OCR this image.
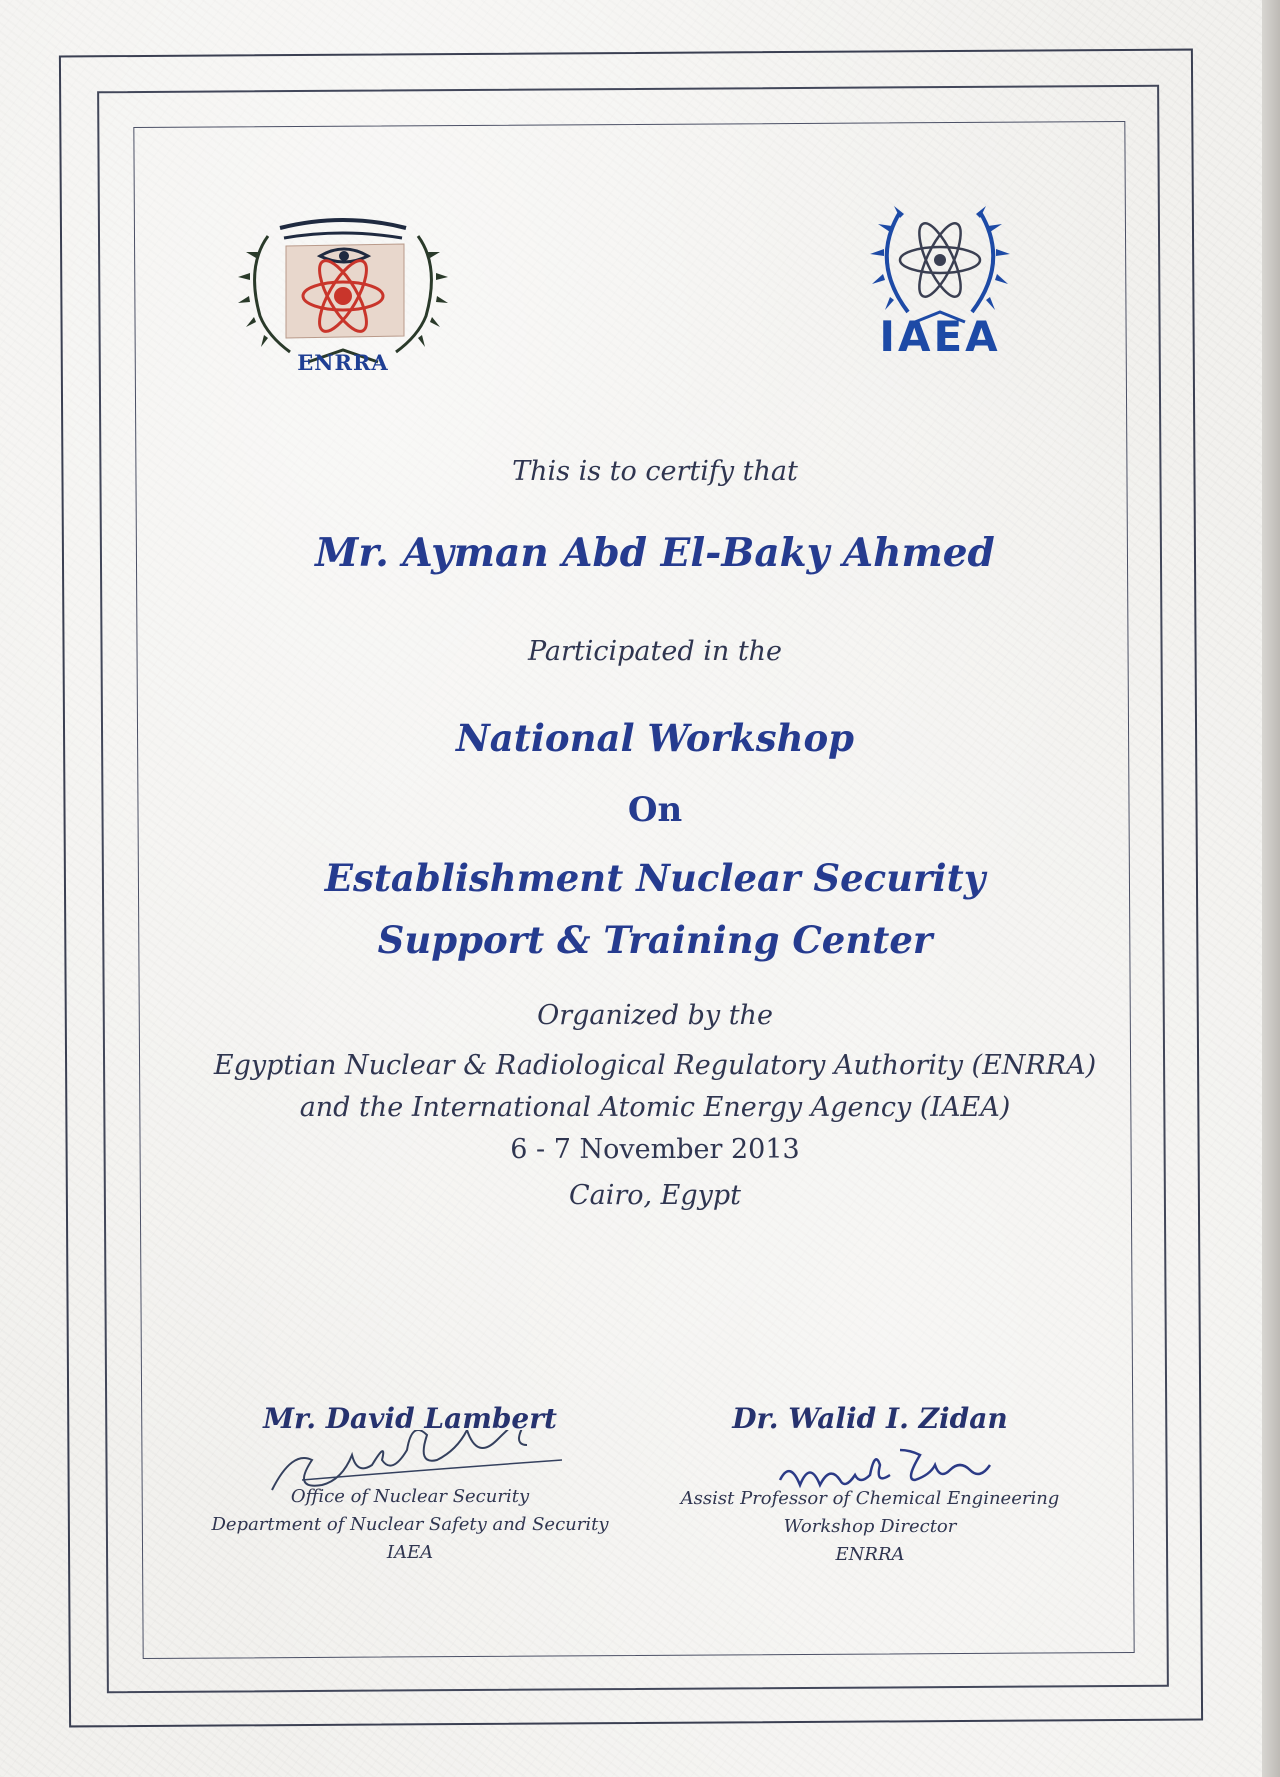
ENRRA
IAEA
This is to certify that
Mr. Ayman Abd El-Baky Ahmed
Participated in the
National Workshop
On
Establishment Nuclear Security
Support & Training Center
Organized by the
Egyptian Nuclear & Radiological Regulatory Authority (ENRRA)
and the International Atomic Energy Agency (IAEA)
6 - 7 November 2013
Cairo, Egypt
Mr. David Lambert
Office of Nuclear Security
Department of Nuclear Safety and Security
IAEA
Dr. Walid I. Zidan
Assist Professor of Chemical Engineering
Workshop Director
ENRRA
